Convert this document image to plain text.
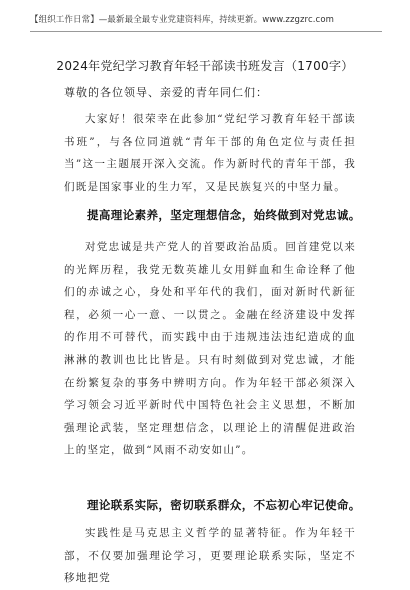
【组织工作日常】—最新最全最专业党建资料库，持续更新。www.zzgzrc.com
2024年党纪学习教育年轻干部读书班发言（1700字）
尊敬的各位领导、亲爱的青年同仁们：

大家好！很荣幸在此参加“党纪学习教育年轻干部读书班”，与各位同道就“青年干部的角色定位与责任担当”这一主题展开深入交流。作为新时代的青年干部，我们既是国家事业的生力军，又是民族复兴的中坚力量。

提高理论素养，坚定理想信念，始终做到对党忠诚。

对党忠诚是共产党人的首要政治品质。回首建党以来的光辉历程，我党无数英雄儿女用鲜血和生命诠释了他们的赤诚之心，身处和平年代的我们，面对新时代新征程，必须一心一意、一以贯之。金融在经济建设中发挥的作用不可替代，而实践中由于违规违法违纪造成的血淋淋的教训也比比皆是。只有时刻做到对党忠诚，才能在纷繁复杂的事务中辨明方向。作为年轻干部必须深入学习领会习近平新时代中国特色社会主义思想，不断加强理论武装，坚定理想信念，以理论上的清醒促进政治上的坚定，做到“风雨不动安如山”。

理论联系实际，密切联系群众，不忘初心牢记使命。

实践性是马克思主义哲学的显著特征。作为年轻干部，不仅要加强理论学习，更要理论联系实际，坚定不移地把党
